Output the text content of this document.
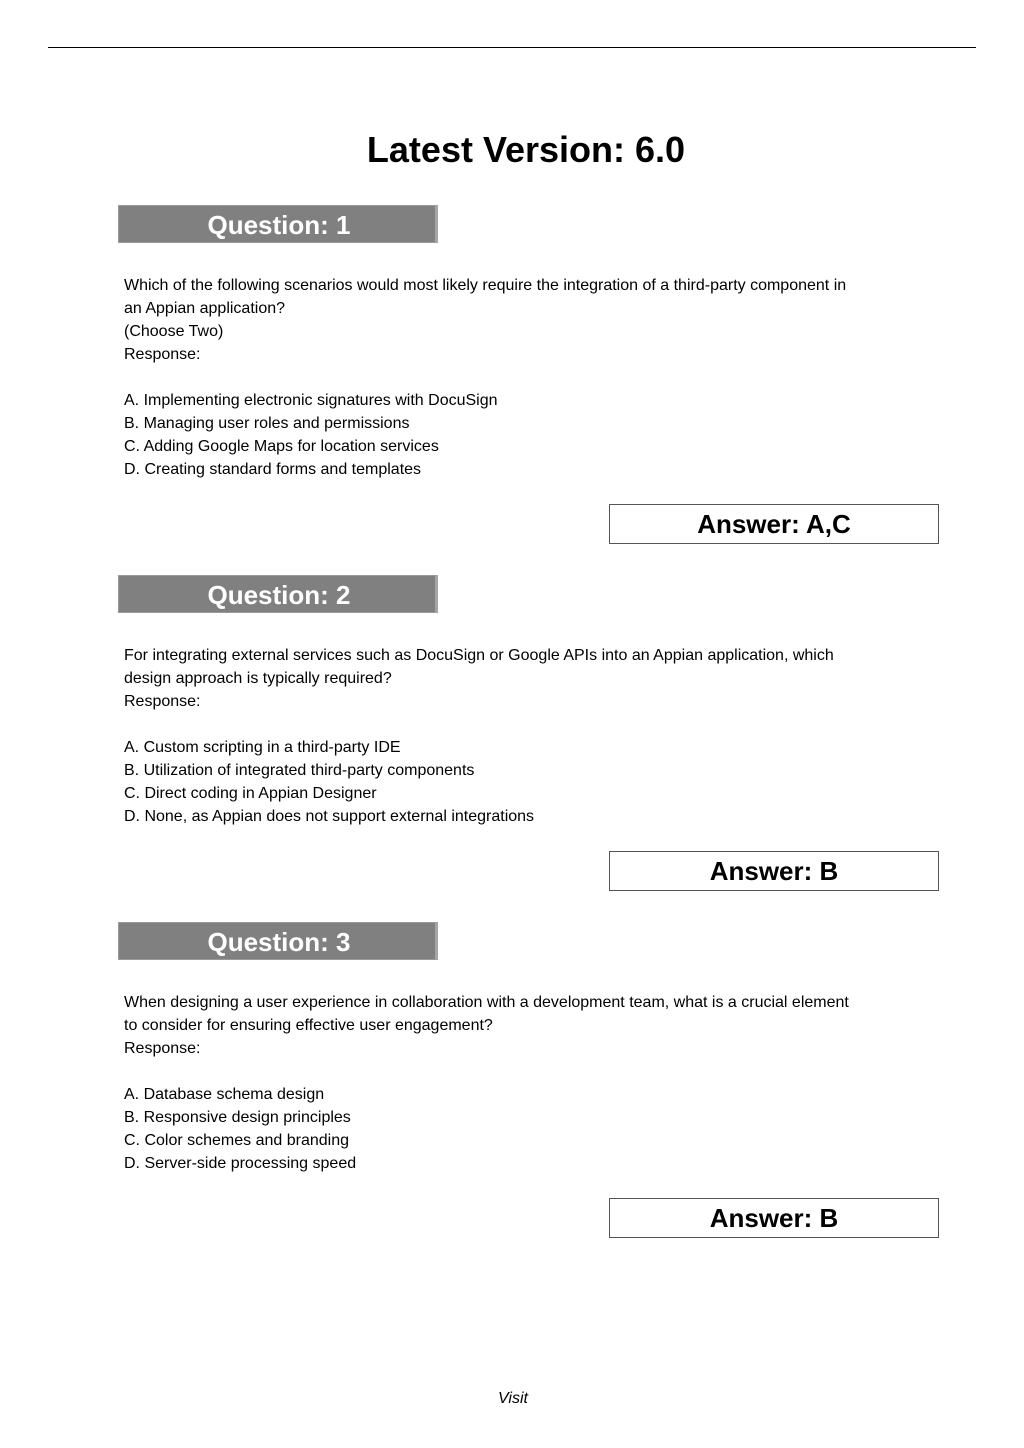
Latest Version: 6.0
Question: 1
Which of the following scenarios would most likely require the integration of a third-party component in
an Appian application?
(Choose Two)
Response:
A. Implementing electronic signatures with DocuSign
B. Managing user roles and permissions
C. Adding Google Maps for location services
D. Creating standard forms and templates
Answer: A,C
Question: 2
For integrating external services such as DocuSign or Google APIs into an Appian application, which
design approach is typically required?
Response:
A. Custom scripting in a third-party IDE
B. Utilization of integrated third-party components
C. Direct coding in Appian Designer
D. None, as Appian does not support external integrations
Answer: B
Question: 3
When designing a user experience in collaboration with a development team, what is a crucial element
to consider for ensuring effective user engagement?
Response:
A. Database schema design
B. Responsive design principles
C. Color schemes and branding
D. Server-side processing speed
Answer: B
Visit
